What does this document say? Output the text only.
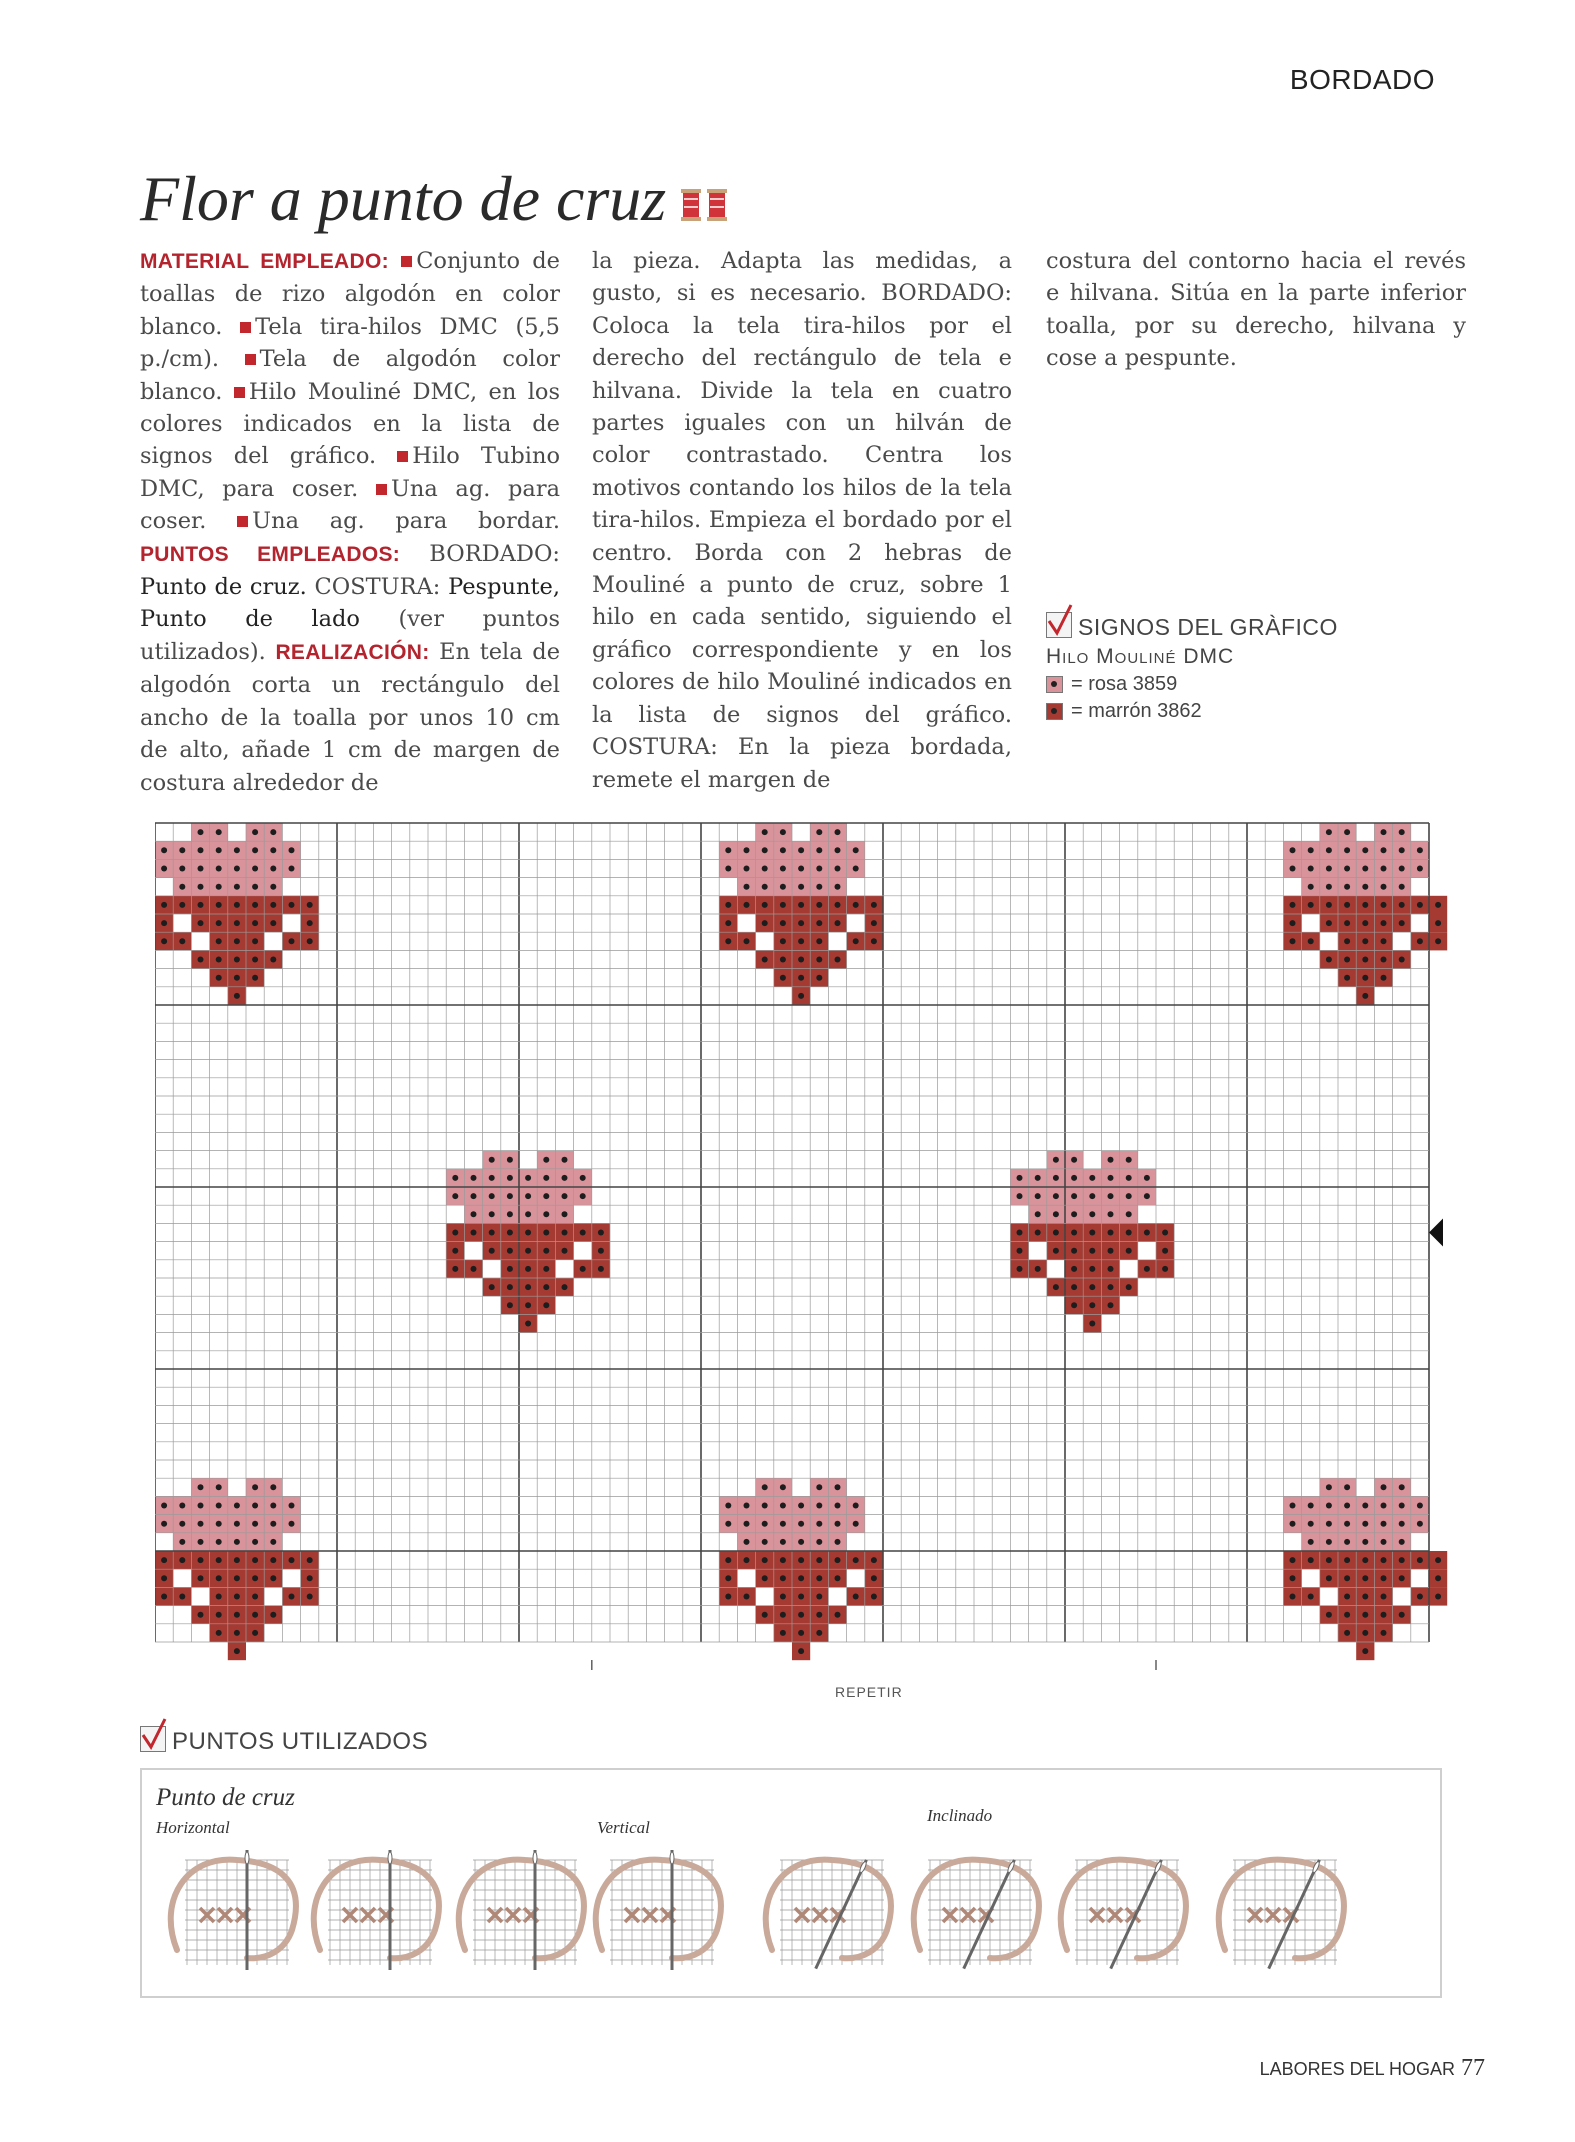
BORDADO
Flor a punto de cruz
MATERIAL EMPLEADO: Conjunto de toallas de rizo algodón en color blanco. Tela tira-hilos DMC (5,5 p./cm). Tela de algodón color blanco. Hilo Mouliné DMC, en los colores indicados en la lista de signos del gráfico. Hilo Tubino DMC, para coser. Una ag. para coser. Una ag. para bordar. PUNTOS EMPLEADOS: BORDADO: Punto de cruz. COSTURA: Pespunte, Punto de lado (ver puntos utilizados). REALIZACIÓN: En tela de algodón corta un rectángulo del ancho de la toalla por unos 10 cm de alto, añade 1 cm de margen de costura alrededor de
la pieza. Adapta las medidas, a gusto, si es necesario. BORDADO: Coloca la tela tira-hilos por el derecho del rectángulo de tela e hilvana. Divide la tela en cuatro partes iguales con un hilván de color contrastado. Centra los motivos contando los hilos de la tela tira-hilos. Empieza el bordado por el centro. Borda con 2 hebras de Mouliné a punto de cruz, sobre 1 hilo en cada sentido, siguiendo el gráfico correspondiente y en los colores de hilo Mouliné indicados en la lista de signos del gráfico. COSTURA: En la pieza bordada, remete el margen de
costura del contorno hacia el revés e hilvana. Sitúa en la parte inferior toalla, por su derecho, hilvana y cose a pespunte.
SIGNOS DEL GRÀFICO
Hilo Mouliné DMC
= rosa 3859
= marrón 3862
REPETIR
PUNTOS UTILIZADOS
Punto de cruz
Horizontal	Vertical
Inclinado
LABORES DEL HOGAR 77
